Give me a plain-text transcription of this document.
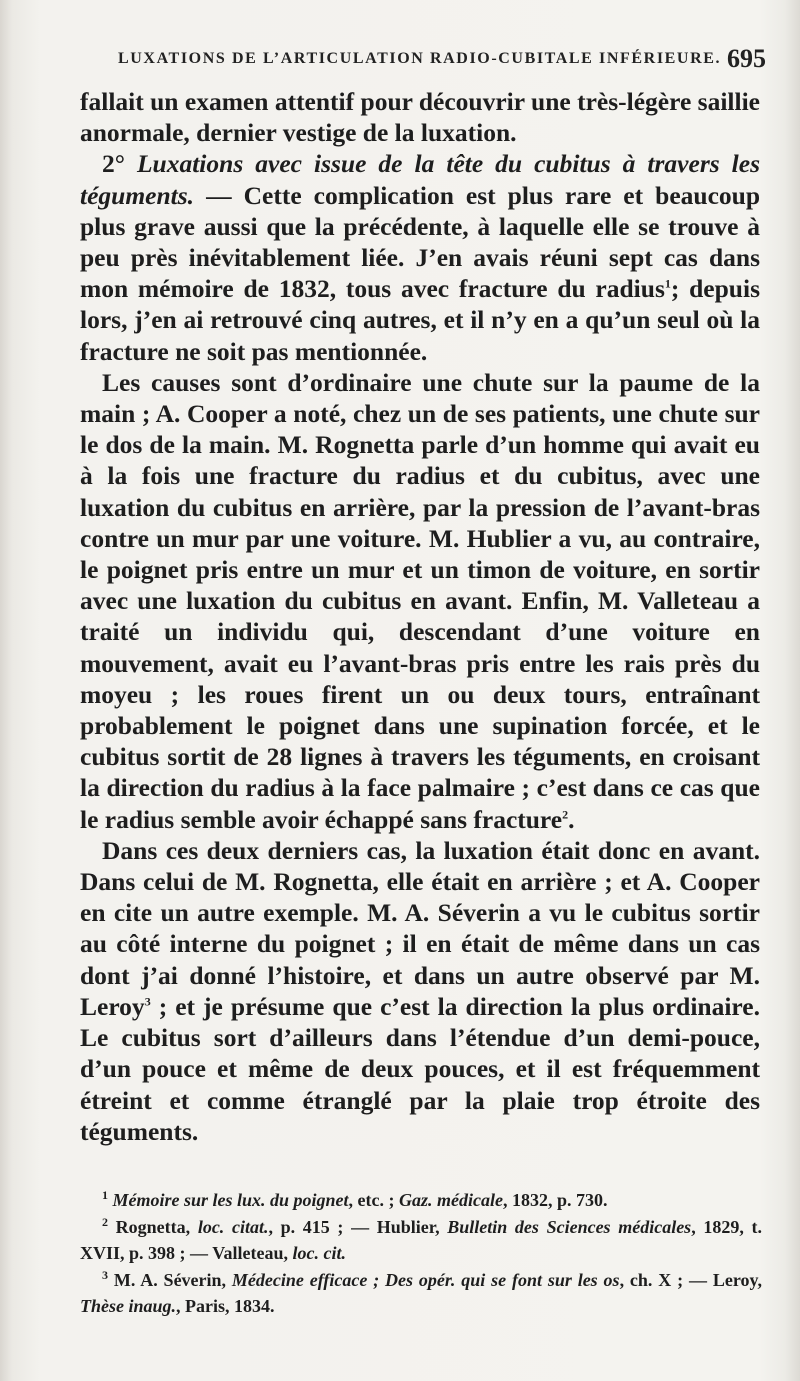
LUXATIONS DE L’ARTICULATION RADIO-CUBITALE INFÉRIEURE. 695

fallait un examen attentif pour découvrir une très-légère saillie anormale, dernier vestige de la luxation.

2° Luxations avec issue de la tête du cubitus à travers les téguments. — Cette complication est plus rare et beaucoup plus grave aussi que la précédente, à laquelle elle se trouve à peu près inévitablement liée. J’en avais réuni sept cas dans mon mémoire de 1832, tous avec fracture du radius$^1$; depuis lors, j’en ai retrouvé cinq autres, et il n’y en a qu’un seul où la fracture ne soit pas mentionnée.

Les causes sont d’ordinaire une chute sur la paume de la main ; A. Cooper a noté, chez un de ses patients, une chute sur le dos de la main. M. Rognetta parle d’un homme qui avait eu à la fois une fracture du radius et du cubitus, avec une luxation du cubitus en arrière, par la pression de l’avant-bras contre un mur par une voiture. M. Hublier a vu, au contraire, le poignet pris entre un mur et un timon de voiture, en sortir avec une luxation du cubitus en avant. Enfin, M. Valleteau a traité un individu qui, descendant d’une voiture en mouvement, avait eu l’avant-bras pris entre les rais près du moyeu ; les roues firent un ou deux tours, entraînant probablement le poignet dans une supination forcée, et le cubitus sortit de 28 lignes à travers les téguments, en croisant la direction du radius à la face palmaire ; c’est dans ce cas que le radius semble avoir échappé sans fracture$^2$.

Dans ces deux derniers cas, la luxation était donc en avant. Dans celui de M. Rognetta, elle était en arrière ; et A. Cooper en cite un autre exemple. M. A. Séverin a vu le cubitus sortir au côté interne du poignet ; il en était de même dans un cas dont j’ai donné l’histoire, et dans un autre observé par M. Leroy$^3$ ; et je présume que c’est la direction la plus ordinaire. Le cubitus sort d’ailleurs dans l’étendue d’un demi-pouce, d’un pouce et même de deux pouces, et il est fréquemment étreint et comme étranglé par la plaie trop étroite des téguments.

$^1$ Mémoire sur les lux. du poignet, etc. ; Gaz. médicale, 1832, p. 730.

$^2$ Rognetta, loc. citat., p. 415 ; — Hublier, Bulletin des Sciences médicales, 1829, t. XVII, p. 398 ; — Valleteau, loc. cit.

$^3$ M. A. Séverin, Médecine efficace ; Des opér. qui se font sur les os, ch. X ; — Leroy, Thèse inaug., Paris, 1834.
